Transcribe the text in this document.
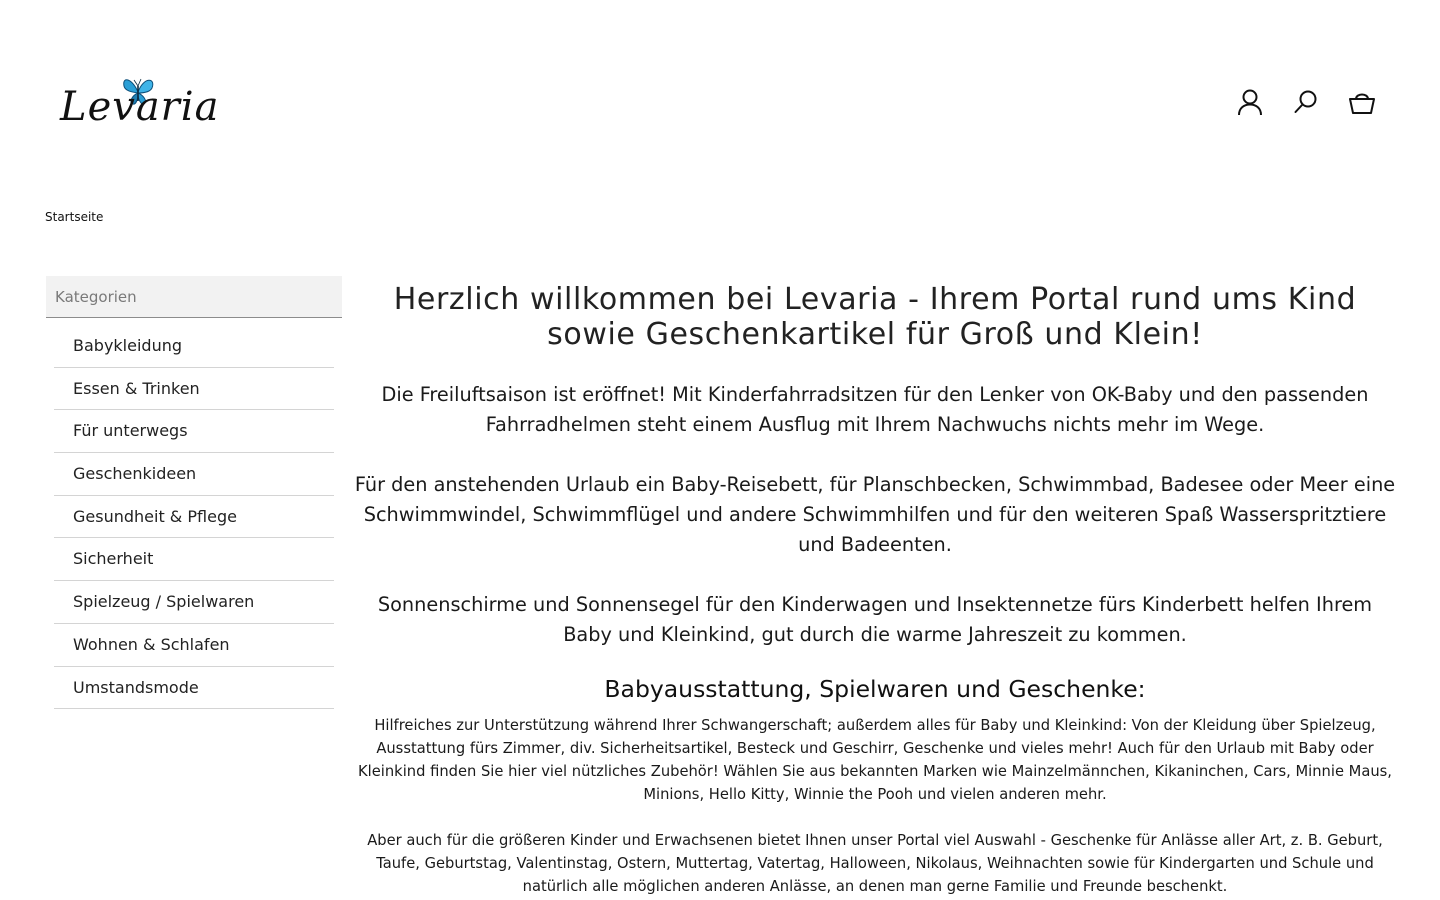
Levaria
Startseite
Kategorien
Babykleidung
Essen & Trinken
Für unterwegs
Geschenkideen
Gesundheit & Pflege
Sicherheit
Spielzeug / Spielwaren
Wohnen & Schlafen
Umstandsmode
Herzlich willkommen bei Levaria - Ihrem Portal rund ums Kind sowie Geschenkartikel für Groß und Klein!

Die Freiluftsaison ist eröffnet! Mit Kinderfahrradsitzen für den Lenker von OK-Baby und den passenden Fahrradhelmen steht einem Ausflug mit Ihrem Nachwuchs nichts mehr im Wege.

Für den anstehenden Urlaub ein Baby-Reisebett, für Planschbecken, Schwimmbad, Badesee oder Meer eine Schwimmwindel, Schwimmflügel und andere Schwimmhilfen und für den weiteren Spaß Wasserspritztiere und Badeenten.

Sonnenschirme und Sonnensegel für den Kinderwagen und Insektennetze fürs Kinderbett helfen Ihrem Baby und Kleinkind, gut durch die warme Jahreszeit zu kommen.

Babyausstattung, Spielwaren und Geschenke:

Hilfreiches zur Unterstützung während Ihrer Schwangerschaft; außerdem alles für Baby und Kleinkind: Von der Kleidung über Spielzeug, Ausstattung fürs Zimmer, div. Sicherheitsartikel, Besteck und Geschirr, Geschenke und vieles mehr! Auch für den Urlaub mit Baby oder Kleinkind finden Sie hier viel nützliches Zubehör! Wählen Sie aus bekannten Marken wie Mainzelmännchen, Kikaninchen, Cars, Minnie Maus, Minions, Hello Kitty, Winnie the Pooh und vielen anderen mehr.

Aber auch für die größeren Kinder und Erwachsenen bietet Ihnen unser Portal viel Auswahl - Geschenke für Anlässe aller Art, z. B. Geburt, Taufe, Geburtstag, Valentinstag, Ostern, Muttertag, Vatertag, Halloween, Nikolaus, Weihnachten sowie für Kindergarten und Schule und natürlich alle möglichen anderen Anlässe, an denen man gerne Familie und Freunde beschenkt.
